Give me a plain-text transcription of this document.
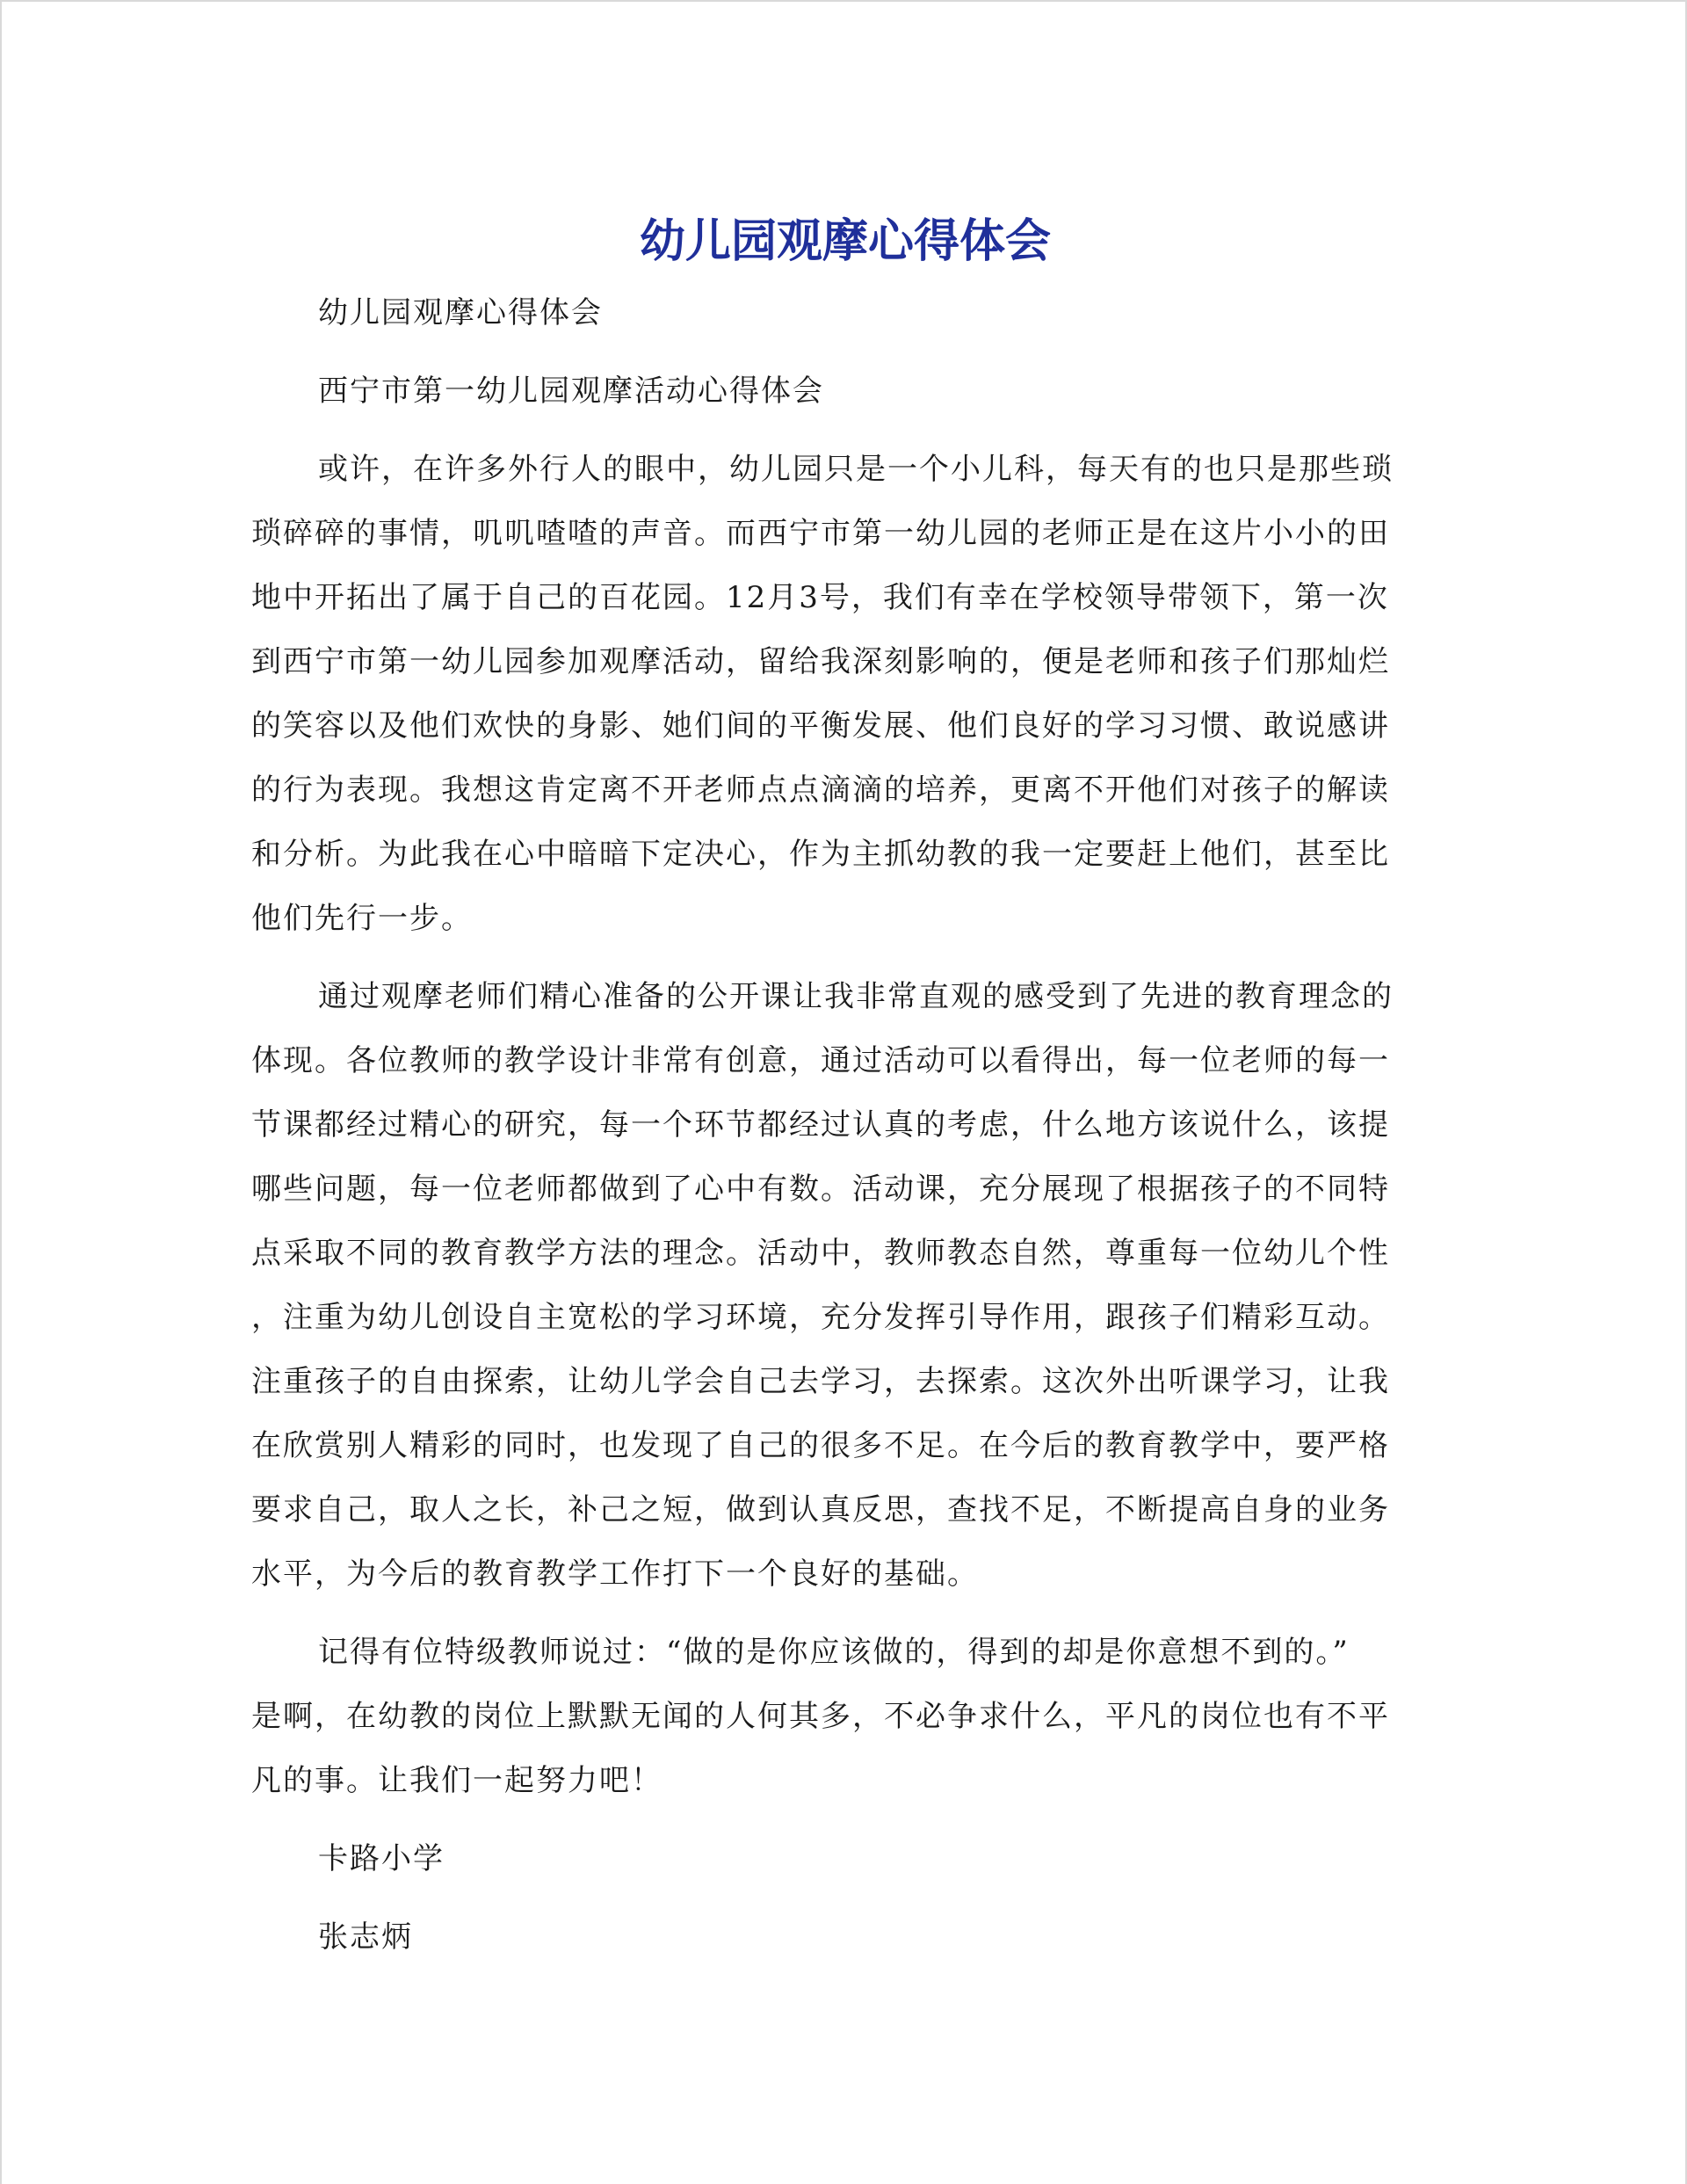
幼儿园观摩心得体会

幼儿园观摩心得体会

西宁市第一幼儿园观摩活动心得体会

或许，在许多外行人的眼中，幼儿园只是一个小儿科，每天有的也只是那些琐

琐碎碎的事情，叽叽喳喳的声音。而西宁市第一幼儿园的老师正是在这片小小的田

地中开拓出了属于自己的百花园。12月3号，我们有幸在学校领导带领下，第一次

到西宁市第一幼儿园参加观摩活动，留给我深刻影响的，便是老师和孩子们那灿烂

的笑容以及他们欢快的身影、她们间的平衡发展、他们良好的学习习惯、敢说感讲

的行为表现。我想这肯定离不开老师点点滴滴的培养，更离不开他们对孩子的解读

和分析。为此我在心中暗暗下定决心，作为主抓幼教的我一定要赶上他们，甚至比

他们先行一步。

通过观摩老师们精心准备的公开课让我非常直观的感受到了先进的教育理念的

体现。各位教师的教学设计非常有创意，通过活动可以看得出，每一位老师的每一

节课都经过精心的研究，每一个环节都经过认真的考虑，什么地方该说什么，该提

哪些问题，每一位老师都做到了心中有数。活动课，充分展现了根据孩子的不同特

点采取不同的教育教学方法的理念。活动中，教师教态自然，尊重每一位幼儿个性

，注重为幼儿创设自主宽松的学习环境，充分发挥引导作用，跟孩子们精彩互动。

注重孩子的自由探索，让幼儿学会自己去学习，去探索。这次外出听课学习，让我

在欣赏别人精彩的同时，也发现了自己的很多不足。在今后的教育教学中，要严格

要求自己，取人之长，补己之短，做到认真反思，查找不足，不断提高自身的业务

水平，为今后的教育教学工作打下一个良好的基础。

记得有位特级教师说过：“做的是你应该做的，得到的却是你意想不到的。”

是啊，在幼教的岗位上默默无闻的人何其多，不必争求什么，平凡的岗位也有不平

凡的事。让我们一起努力吧！

卡路小学

张志炳
